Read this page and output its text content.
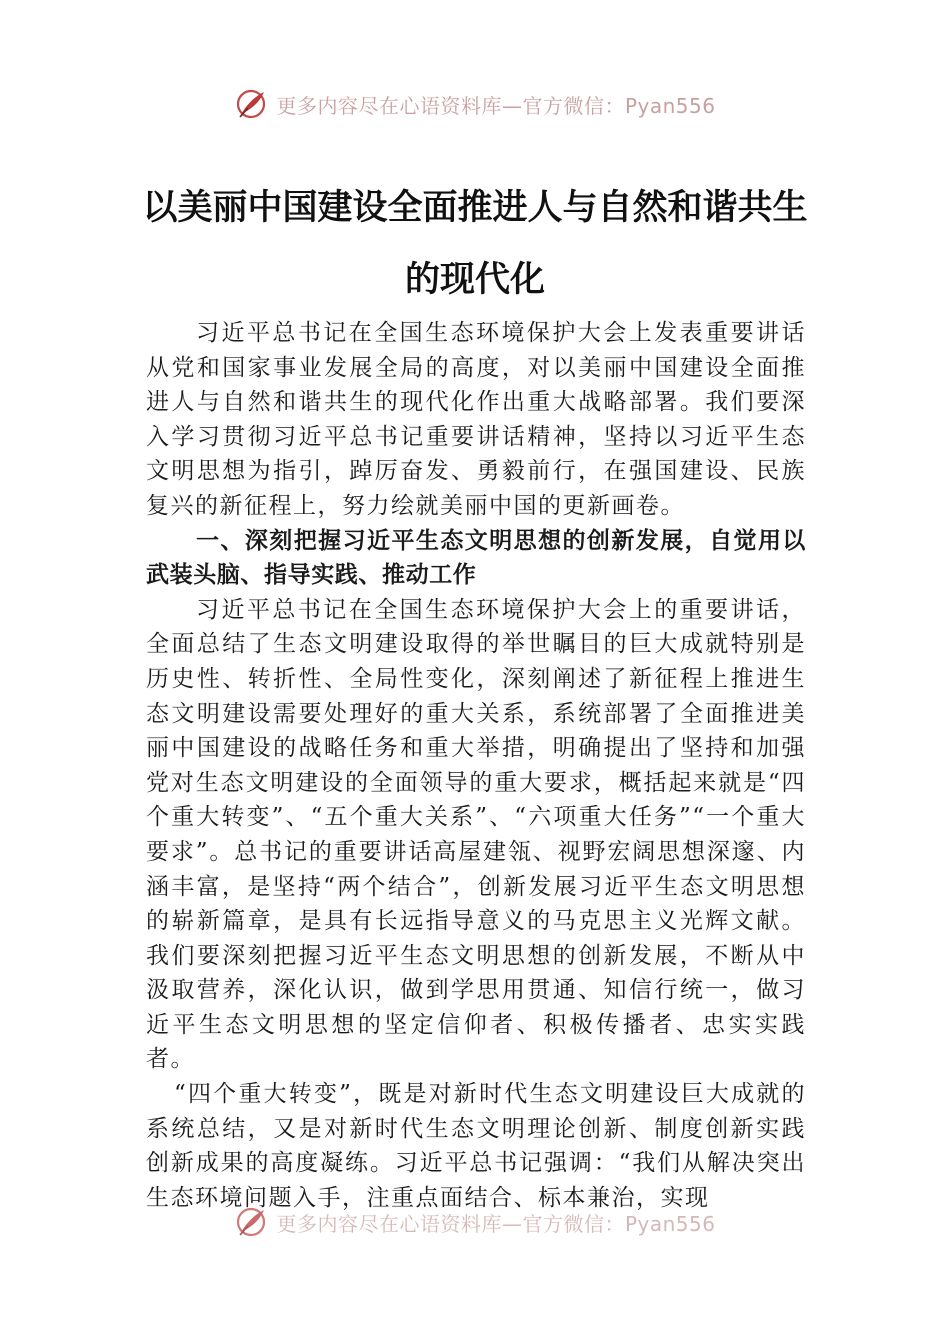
更多内容尽在心语资料库—官方微信：Pyan556
以美丽中国建设全面推进人与自然和谐共生的现代化

习近平总书记在全国生态环境保护大会上发表重要讲话从党和国家事业发展全局的高度，对以美丽中国建设全面推进人与自然和谐共生的现代化作出重大战略部署。我们要深入学习贯彻习近平总书记重要讲话精神，坚持以习近平生态文明思想为指引，踔厉奋发、勇毅前行，在强国建设、民族复兴的新征程上，努力绘就美丽中国的更新画卷。

一、深刻把握习近平生态文明思想的创新发展，自觉用以武装头脑、指导实践、推动工作

习近平总书记在全国生态环境保护大会上的重要讲话，全面总结了生态文明建设取得的举世瞩目的巨大成就特别是历史性、转折性、全局性变化，深刻阐述了新征程上推进生态文明建设需要处理好的重大关系，系统部署了全面推进美丽中国建设的战略任务和重大举措，明确提出了坚持和加强党对生态文明建设的全面领导的重大要求，概括起来就是“四个重大转变”、“五个重大关系”、“六项重大任务”“一个重大要求”。总书记的重要讲话高屋建瓴、视野宏阔思想深邃、内涵丰富，是坚持“两个结合”，创新发展习近平生态文明思想的崭新篇章，是具有长远指导意义的马克思主义光辉文献。我们要深刻把握习近平生态文明思想的创新发展，不断从中汲取营养，深化认识，做到学思用贯通、知信行统一，做习近平生态文明思想的坚定信仰者、积极传播者、忠实实践者。

“四个重大转变”，既是对新时代生态文明建设巨大成就的系统总结，又是对新时代生态文明理论创新、制度创新实践创新成果的高度凝练。习近平总书记强调：“我们从解决突出生态环境问题入手，注重点面结合、标本兼治，实现

更多内容尽在心语资料库—官方微信：Pyan556
